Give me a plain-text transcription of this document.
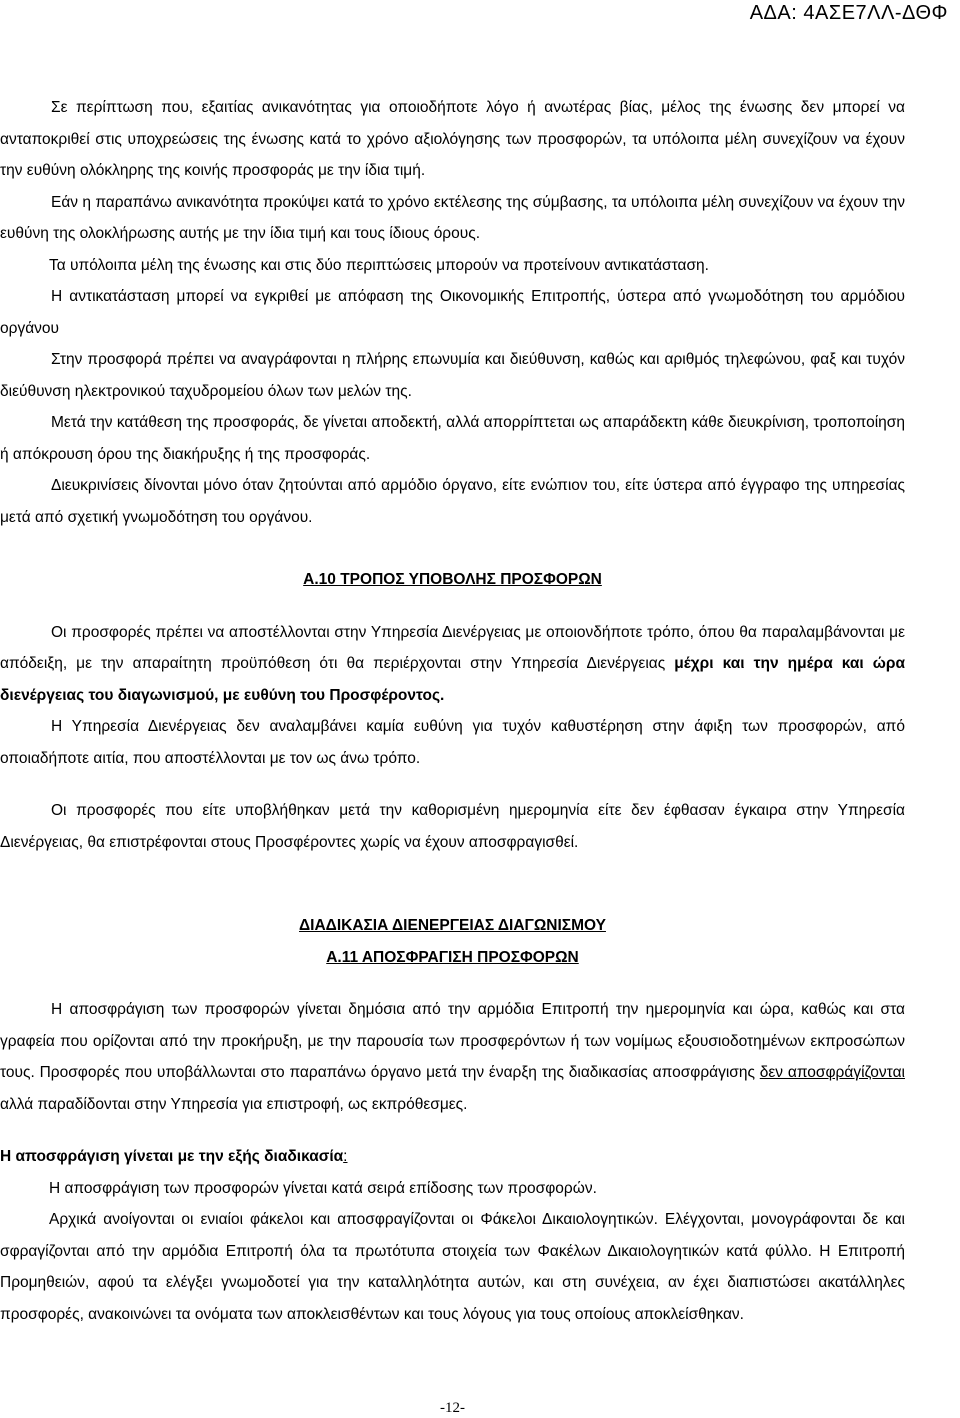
ΑΔΑ: 4ΑΣΕ7ΛΛ-ΔΘΦ

Σε περίπτωση που, εξαιτίας ανικανότητας για οποιοδήποτε λόγο ή ανωτέρας βίας, μέλος της ένωσης δεν μπορεί να ανταποκριθεί στις υποχρεώσεις της ένωσης κατά το χρόνο αξιολόγησης των προσφορών, τα υπόλοιπα μέλη συνεχίζουν να έχουν την ευθύνη ολόκληρης της κοινής προσφοράς με την ίδια τιμή.

Εάν η παραπάνω ανικανότητα προκύψει κατά το χρόνο εκτέλεσης της σύμβασης, τα υπόλοιπα μέλη συνεχίζουν να έχουν την ευθύνη της ολοκλήρωσης αυτής με την ίδια τιμή και τους ίδιους όρους.

Τα υπόλοιπα μέλη της ένωσης και στις δύο περιπτώσεις μπορούν να προτείνουν αντικατάσταση.

Η αντικατάσταση μπορεί να εγκριθεί με απόφαση της Οικονομικής Επιτροπής, ύστερα από γνωμοδότηση του αρμόδιου οργάνου

Στην προσφορά πρέπει να αναγράφονται η πλήρης επωνυμία και διεύθυνση, καθώς και αριθμός τηλεφώνου, φαξ και τυχόν διεύθυνση ηλεκτρονικού ταχυδρομείου όλων των μελών της.

Μετά την κατάθεση της προσφοράς, δε γίνεται αποδεκτή, αλλά απορρίπτεται ως απαράδεκτη κάθε διευκρίνιση, τροποποίηση ή απόκρουση όρου της διακήρυξης ή της προσφοράς.

Διευκρινίσεις δίνονται μόνο όταν ζητούνται από αρμόδιο όργανο, είτε ενώπιον του, είτε ύστερα από έγγραφο της υπηρεσίας μετά από σχετική γνωμοδότηση του οργάνου.

Α.10 ΤΡΟΠΟΣ ΥΠΟΒΟΛΗΣ ΠΡΟΣΦΟΡΩΝ

Οι προσφορές πρέπει να αποστέλλονται στην Υπηρεσία Διενέργειας με οποιονδήποτε τρόπο, όπου θα παραλαμβάνονται με απόδειξη, με την απαραίτητη προϋπόθεση ότι θα περιέρχονται στην Υπηρεσία Διενέργειας μέχρι και την ημέρα και ώρα διενέργειας του διαγωνισμού, με ευθύνη του Προσφέροντος.

Η Υπηρεσία Διενέργειας δεν αναλαμβάνει καμία ευθύνη για τυχόν καθυστέρηση στην άφιξη των προσφορών, από οποιαδήποτε αιτία, που αποστέλλονται με τον ως άνω τρόπο.

Οι προσφορές που είτε υποβλήθηκαν μετά την καθορισμένη ημερομηνία είτε δεν έφθασαν έγκαιρα στην Υπηρεσία Διενέργειας, θα επιστρέφονται στους Προσφέροντες χωρίς να έχουν αποσφραγισθεί.

ΔΙΑΔΙΚΑΣΙΑ ΔΙΕΝΕΡΓΕΙΑΣ ΔΙΑΓΩΝΙΣΜΟΥ

Α.11 ΑΠΟΣΦΡΑΓΙΣΗ ΠΡΟΣΦΟΡΩΝ

Η αποσφράγιση των προσφορών γίνεται δημόσια από την αρμόδια Επιτροπή την ημερομηνία και ώρα, καθώς και στα γραφεία που ορίζονται από την προκήρυξη, με την παρουσία των προσφερόντων ή των νομίμως εξουσιοδοτημένων εκπροσώπων τους. Προσφορές που υποβάλλωνται στο παραπάνω όργανο μετά την έναρξη της διαδικασίας αποσφράγισης δεν αποσφράγίζονται αλλά παραδίδονται στην Υπηρεσία για επιστροφή, ως εκπρόθεσμες.

Η αποσφράγιση γίνεται με την εξής διαδικασία:

Η αποσφράγιση των προσφορών γίνεται κατά σειρά επίδοσης των προσφορών.

Αρχικά ανοίγονται οι ενιαίοι φάκελοι και αποσφραγίζονται οι Φάκελοι Δικαιολογητικών. Ελέγχονται, μονογράφονται δε και σφραγίζονται από την αρμόδια Επιτροπή όλα τα πρωτότυπα στοιχεία των Φακέλων Δικαιολογητικών κατά φύλλο. Η Επιτροπή Προμηθειών, αφού τα ελέγξει γνωμοδοτεί για την καταλληλότητα αυτών, και στη συνέχεια, αν έχει διαπιστώσει ακατάλληλες προσφορές, ανακοινώνει τα ονόματα των αποκλεισθέντων και τους λόγους για τους οποίους αποκλείσθηκαν.

-12-
